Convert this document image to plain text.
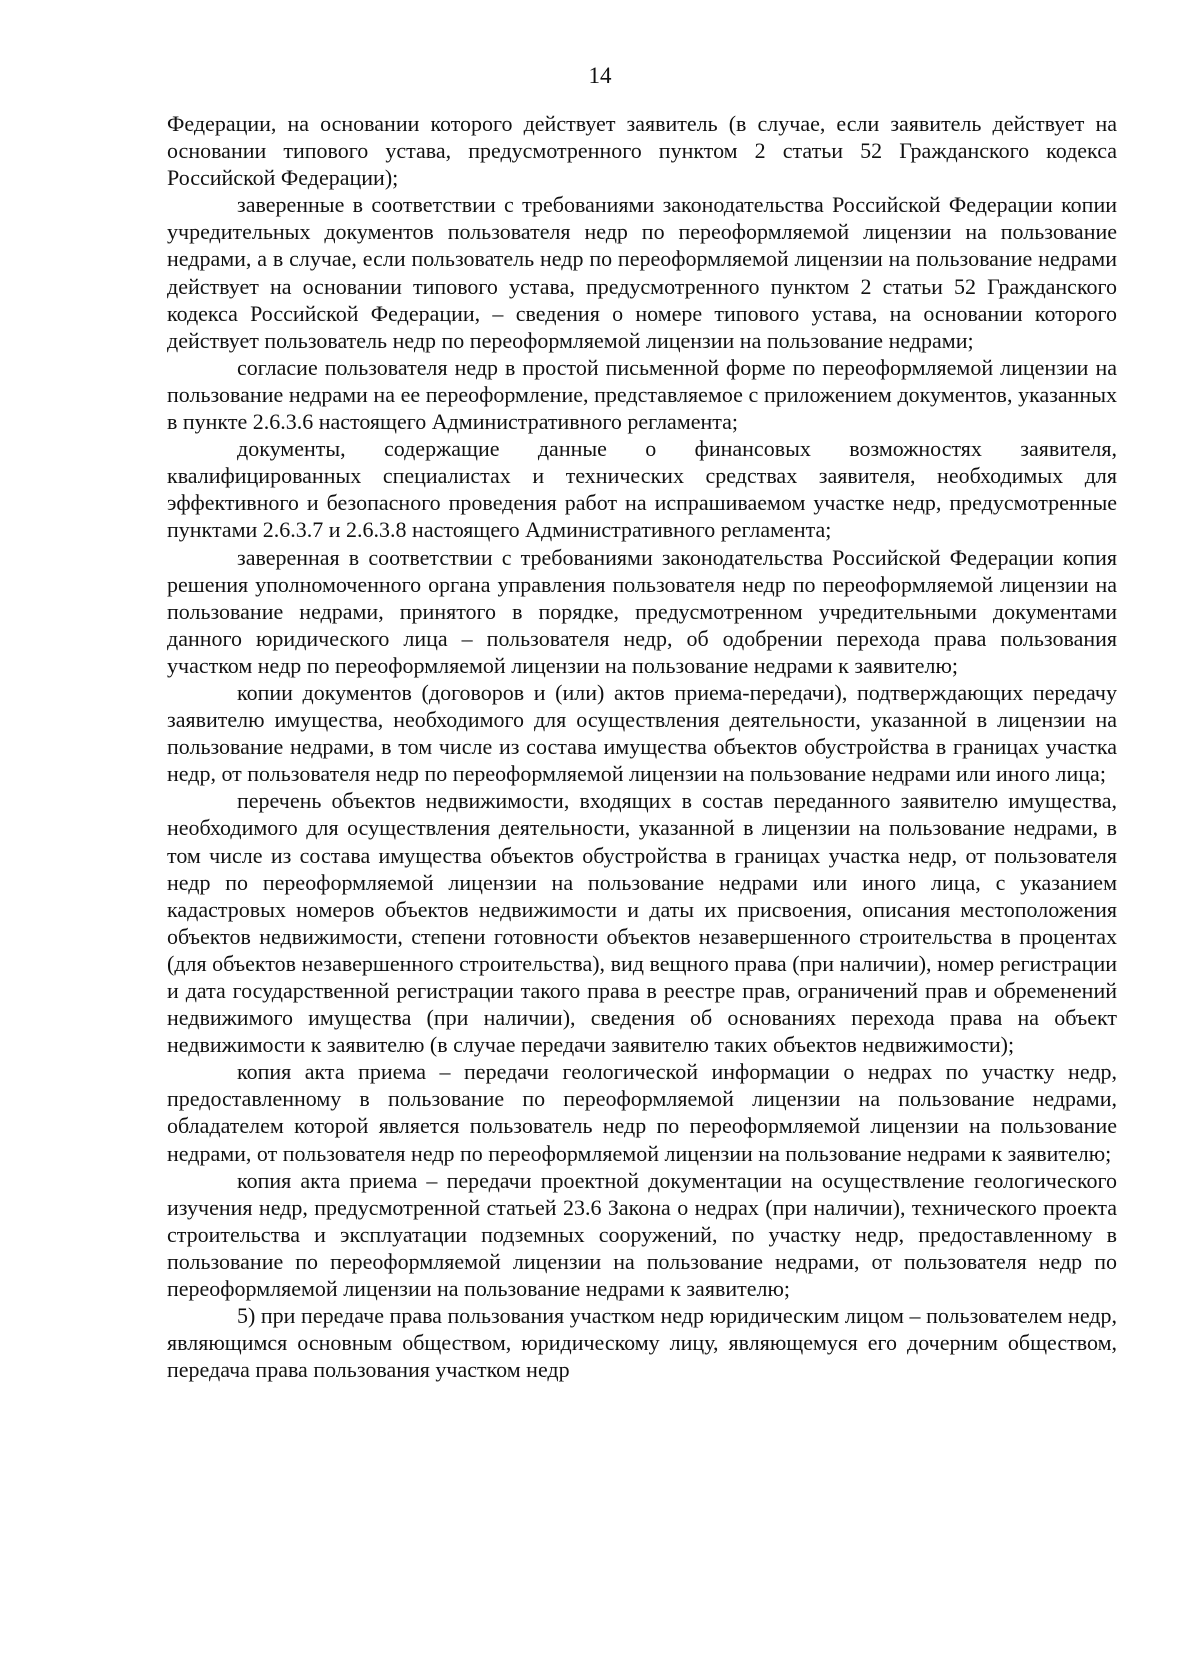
14

Федерации, на основании которого действует заявитель (в случае, если заявитель действует на основании типового устава, предусмотренного пунктом 2 статьи 52 Гражданского кодекса Российской Федерации);

заверенные в соответствии с требованиями законодательства Российской Федерации копии учредительных документов пользователя недр по переоформляемой лицензии на пользование недрами, а в случае, если пользователь недр по переоформляемой лицензии на пользование недрами действует на основании типового устава, предусмотренного пунктом 2 статьи 52 Гражданского кодекса Российской Федерации, – сведения о номере типового устава, на основании которого действует пользователь недр по переоформляемой лицензии на пользование недрами;

согласие пользователя недр в простой письменной форме по переоформляемой лицензии на пользование недрами на ее переоформление, представляемое с приложением документов, указанных в пункте 2.6.3.6 настоящего Административного регламента;

документы, содержащие данные о финансовых возможностях заявителя, квалифицированных специалистах и технических средствах заявителя, необходимых для эффективного и безопасного проведения работ на испрашиваемом участке недр, предусмотренные пунктами 2.6.3.7 и 2.6.3.8 настоящего Административного регламента;

заверенная в соответствии с требованиями законодательства Российской Федерации копия решения уполномоченного органа управления пользователя недр по переоформляемой лицензии на пользование недрами, принятого в порядке, предусмотренном учредительными документами данного юридического лица – пользователя недр, об одобрении перехода права пользования участком недр по переоформляемой лицензии на пользование недрами к заявителю;

копии документов (договоров и (или) актов приема-передачи), подтверждающих передачу заявителю имущества, необходимого для осуществления деятельности, указанной в лицензии на пользование недрами, в том числе из состава имущества объектов обустройства в границах участка недр, от пользователя недр по переоформляемой лицензии на пользование недрами или иного лица;

перечень объектов недвижимости, входящих в состав переданного заявителю имущества, необходимого для осуществления деятельности, указанной в лицензии на пользование недрами, в том числе из состава имущества объектов обустройства в границах участка недр, от пользователя недр по переоформляемой лицензии на пользование недрами или иного лица, с указанием кадастровых номеров объектов недвижимости и даты их присвоения, описания местоположения объектов недвижимости, степени готовности объектов незавершенного строительства в процентах (для объектов незавершенного строительства), вид вещного права (при наличии), номер регистрации и дата государственной регистрации такого права в реестре прав, ограничений прав и обременений недвижимого имущества (при наличии), сведения об основаниях перехода права на объект недвижимости к заявителю (в случае передачи заявителю таких объектов недвижимости);

копия акта приема – передачи геологической информации о недрах по участку недр, предоставленному в пользование по переоформляемой лицензии на пользование недрами, обладателем которой является пользователь недр по переоформляемой лицензии на пользование недрами, от пользователя недр по переоформляемой лицензии на пользование недрами к заявителю;

копия акта приема – передачи проектной документации на осуществление геологического изучения недр, предусмотренной статьей 23.6 Закона о недрах (при наличии), технического проекта строительства и эксплуатации подземных сооружений, по участку недр, предоставленному в пользование по переоформляемой лицензии на пользование недрами, от пользователя недр по переоформляемой лицензии на пользование недрами к заявителю;

5) при передаче права пользования участком недр юридическим лицом – пользователем недр, являющимся основным обществом, юридическому лицу, являющемуся его дочерним обществом, передача права пользования участком недр
